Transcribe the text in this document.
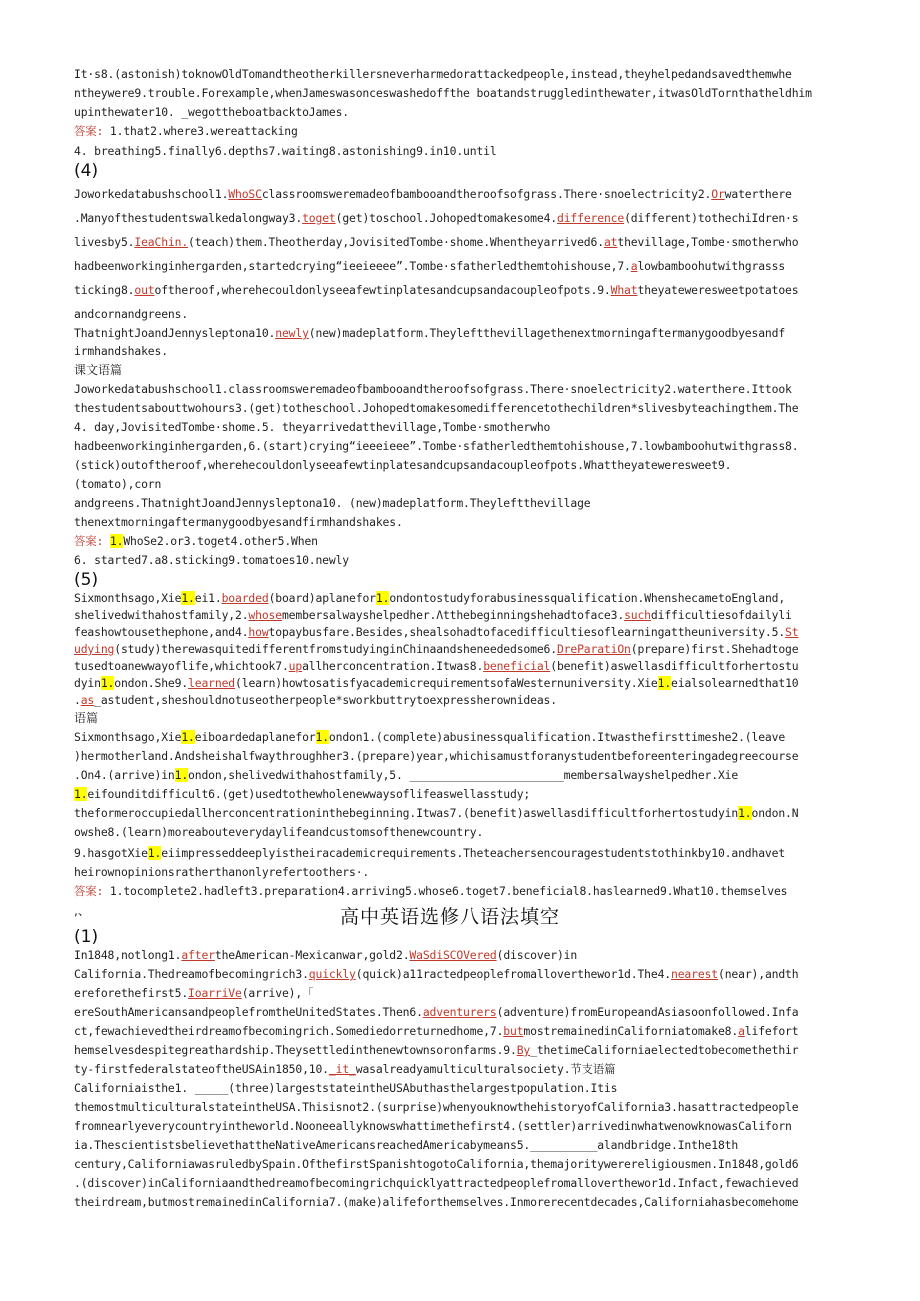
It·s8.(astonish)toknowOldTomandtheotherkillersneverharmedorattackedpeople,instead,theyhelpedandsavedthemwhe
ntheywere9.trouble.Forexample,whenJameswasonceswashedoffthe boatandstruggledinthewater,itwasOldTornthatheldhim
upinthewater10. _wegottheboatbacktoJames.
答案: 1.that2.where3.wereattacking
4. breathing5.finally6.depths7.waiting8.astonishing9.in10.until
Joworkedatabushschool1.WhoSCclassroomsweremadeofbambooandtheroofsofgrass.There·snoelectricity2.Orwaterthere
.Manyofthestudentswalkedalongway3.toget(get)toschool.Johopedtomakesome4.difference(different)tothechiIdren·s
livesby5.IeaChin.(teach)them.Theotherday,JovisitedTombe·shome.Whentheyarrived6.atthevillage,Tombe·smotherwho
hadbeenworkinginhergarden,startedcrying“ieeieeee”.Tombe·sfatherledthemtohishouse,7.alowbamboohutwithgrasss
ticking8.outoftheroof,wherehecouldonlyseeafewtinplatesandcupsandacoupleofpots.9.Whattheyateweresweetpotatoes
andcornandgreens.
ThatnightJoandJennysleptona10.newly(new)madeplatform.Theyleftthevillagethenextmorningaftermanygoodbyesandf
irmhandshakes.
Joworkedatabushschool1.classroomsweremadeofbambooandtheroofsofgrass.There·snoelectricity2.waterthere.Ittook
thestudentsabouttwohours3.(get)totheschool.Johopedtomakesomedifferencetothechildren*slivesbyteachingthem.The
4. day,JovisitedTombe·shome.5. theyarrivedatthevillage,Tombe·smotherwho
hadbeenworkinginhergarden,6.(start)crying“ieeeieee”.Tombe·sfatherledthemtohishouse,7.lowbamboohutwithgrass8.
(stick)outoftheroof,wherehecouldonlyseeafewtinplatesandcupsandacoupleofpots.Whattheyateweresweet9.
(tomato),corn
andgreens.ThatnightJoandJennysleptona10. (new)madeplatform.Theyleftthevillage
thenextmorningaftermanygoodbyesandfirmhandshakes.
答案: 1.WhoSe2.or3.toget4.other5.When
6. started7.a8.sticking9.tomatoes10.newly
Sixmonthsago,Xie1.ei1.boarded(board)aplanefor1.ondontostudyforabusinessqualification.WhenshecametoEngland,
shelivedwithahostfamily,2.whosemembersalwayshelpedher.Λtthebeginningshehadtoface3.suchdifficultiesofdailyli
feashowtousethephone,and4.howtopaybusfare.Besides,shealsohadtofacedifficultiesoflearningattheuniversity.5.St
udying(study)therewasquitedifferentfromstudyinginChinaandsheneededsome6.DreParatiOn(prepare)first.Shehadtoge
tusedtoanewwayoflife,whichtook7.upallherconcentration.Itwas8.beneficial(benefit)aswellasdifficultforhertostu
dyin1.ondon.She9.learned(learn)howtosatisfyacademicrequirementsofaWesternuniversity.Xie1.eialsolearnedthat10
.as_astudent,sheshouldnotuseotherpeople*sworkbuttrytoexpressherownideas.
Sixmonthsago,Xie1.eiboardedaplanefor1.ondon1.(complete)abusinessqualification.Itwasthefirsttimeshe2.(leave
)hermotherland.Andsheishalfwaythroughher3.(prepare)year,whichisamustforanystudentbeforeenteringadegreecourse
.On4.(arrive)in1.ondon,shelivedwithahostfamily,5. _______________________membersalwayshelpedher.Xie
1.eifounditdifficult6.(get)usedtothewholenewwaysoflifeaswellasstudy;
theformeroccupiedallherconcentrationinthebeginning.Itwas7.(benefit)aswellasdifficultforhertostudyin1.ondon.N
owshe8.(learn)moreabouteverydaylifeandcustomsofthenewcountry.
9.hasgotXie1.eiimpresseddeeplyistheiracademicrequirements.Theteachersencouragestudentstothinkby10.andhavet
heirownopinionsratherthanonlyrefertoothers·.
答案: 1.tocomplete2.hadleft3.preparation4.arriving5.whose6.toget7.beneficial8.haslearned9.What10.themselves
In1848,notlong1.aftertheAmerican-Mexicanwar,gold2.WaSdiSCOVered(discover)in
California.Thedreamofbecomingrich3.quickly(quick)a11ractedpeoplefromalloverthewor1d.The4.nearest(near),andth
ereforethefirst5.IoarriVe(arrive),「
ereSouthAmericansandpeoplefromtheUnitedStates.Then6.adventurers(adventure)fromEuropeandAsiasoonfollowed.Infa
ct,fewachievedtheirdreamofbecomingrich.Somediedorreturnedhome,7.butmostremainedinCaliforniatomake8.alifefort
hemselvesdespitegreathardship.Theysettledinthenewtownsoronfarms.9.By_thetimeCaliforniaelectedtobecomethethir
ty-firstfederalstateoftheUSAin1850,10._it_wasalreadyamulticulturalsociety.节支语篇
Californiaisthe1. _____(three)largeststateintheUSAbuthasthelargestpopulation.Itis
themostmulticulturalstateintheUSA.Thisisnot2.(surprise)whenyouknowthehistoryofCalifornia3.hasattractedpeople
fromnearlyeverycountryintheworld.Nooneeallyknowswhattimethefirst4.(settler)arrivedinwhatwenowknowasCaliforn
ia.ThescientistsbelievethattheNativeAmericansreachedAmericabymeans5.__________alandbridge.Inthe18th
century,CaliforniawasruledbySpain.OfthefirstSpanishtogotoCalifornia,themajoritywerereligiousmen.In1848,gold6
.(discover)inCaliforniaandthedreamofbecomingrichquicklyattractedpeoplefromalloverthewor1d.Infact,fewachieved
theirdream,butmostremainedinCalifornia7.(make)alifeforthemselves.Inmorerecentdecades,Californiahasbecomehome
(4)
课文语篇
(5)
语篇
,、
(1)
高中英语选修八语法填空
